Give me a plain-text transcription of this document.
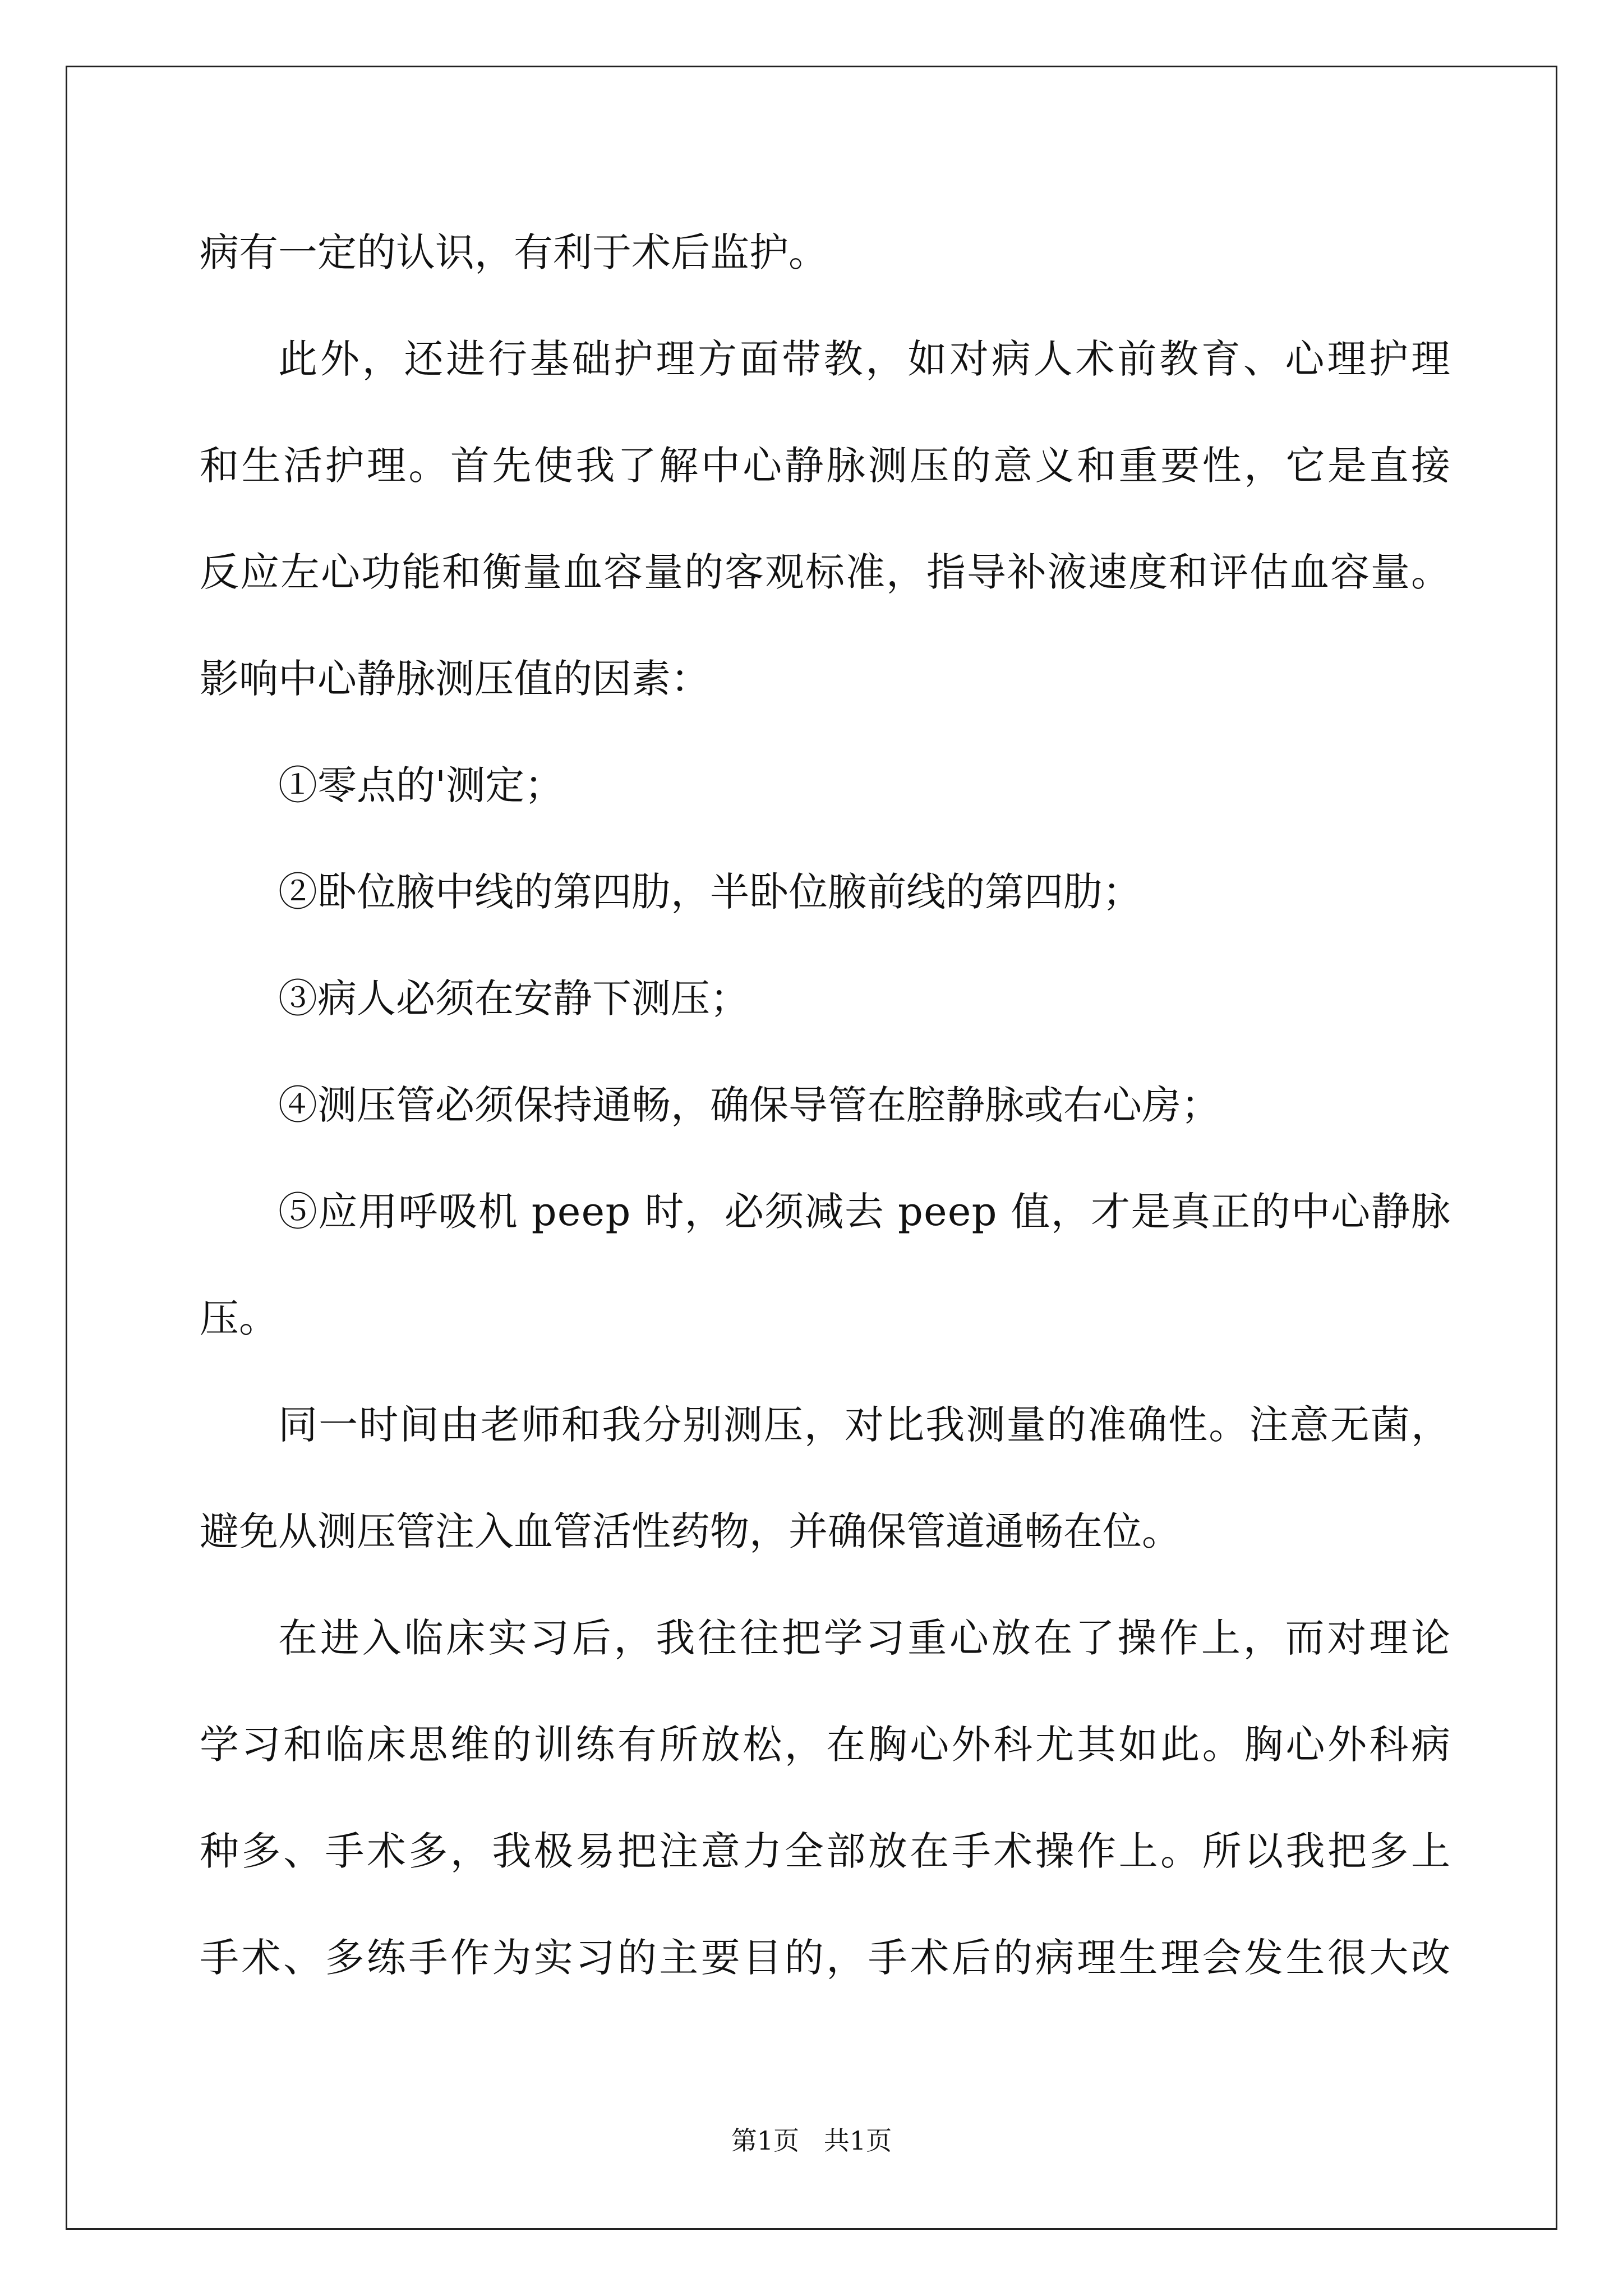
病有一定的认识，有利于术后监护。
此外，还进行基础护理方面带教，如对病人术前教育、心理护理
和生活护理。首先使我了解中心静脉测压的意义和重要性，它是直接
反应左心功能和衡量血容量的客观标准，指导补液速度和评估血容量。
影响中心静脉测压值的因素：
①零点的'测定；
②卧位腋中线的第四肋，半卧位腋前线的第四肋；
③病人必须在安静下测压；
④测压管必须保持通畅，确保导管在腔静脉或右心房；
⑤应用呼吸机 peep 时，必须减去 peep 值，才是真正的中心静脉
压。
同一时间由老师和我分别测压，对比我测量的准确性。注意无菌，
避免从测压管注入血管活性药物，并确保管道通畅在位。
在进入临床实习后，我往往把学习重心放在了操作上，而对理论
学习和临床思维的训练有所放松，在胸心外科尤其如此。胸心外科病
种多、手术多，我极易把注意力全部放在手术操作上。所以我把多上
手术、多练手作为实习的主要目的，手术后的病理生理会发生很大改
第1页   共1页
